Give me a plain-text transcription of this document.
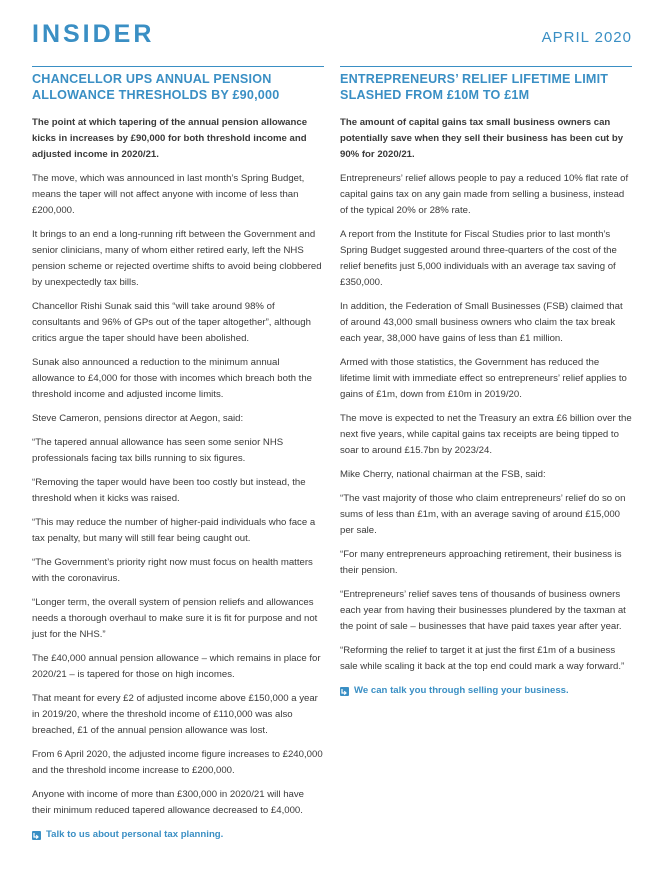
INSIDER	APRIL 2020
CHANCELLOR UPS ANNUAL PENSION ALLOWANCE THRESHOLDS BY £90,000

The point at which tapering of the annual pension allowance kicks in increases by £90,000 for both threshold income and adjusted income in 2020/21.

The move, which was announced in last month’s Spring Budget, means the taper will not affect anyone with income of less than £200,000.

It brings to an end a long-running rift between the Government and senior clinicians, many of whom either retired early, left the NHS pension scheme or rejected overtime shifts to avoid being clobbered by unexpectedly tax bills.

Chancellor Rishi Sunak said this “will take around 98% of consultants and 96% of GPs out of the taper altogether”, although critics argue the taper should have been abolished.

Sunak also announced a reduction to the minimum annual allowance to £4,000 for those with incomes which breach both the threshold income and adjusted income limits.

Steve Cameron, pensions director at Aegon, said:

“The tapered annual allowance has seen some senior NHS professionals facing tax bills running to six figures.

“Removing the taper would have been too costly but instead, the threshold when it kicks was raised.

“This may reduce the number of higher-paid individuals who face a tax penalty, but many will still fear being caught out.

“The Government’s priority right now must focus on health matters with the coronavirus.

“Longer term, the overall system of pension reliefs and allowances needs a thorough overhaul to make sure it is fit for purpose and not just for the NHS.”

The £40,000 annual pension allowance – which remains in place for 2020/21 – is tapered for those on high incomes.

That meant for every £2 of adjusted income above £150,000 a year in 2019/20, where the threshold income of £110,000 was also breached, £1 of the annual pension allowance was lost.

From 6 April 2020, the adjusted income figure increases to £240,000 and the threshold income increase to £200,000.

Anyone with income of more than £300,000 in 2020/21 will have their minimum reduced tapered allowance decreased to £4,000.

Talk to us about personal tax planning.
ENTREPRENEURS’ RELIEF LIFETIME LIMIT SLASHED FROM £10M TO £1M

The amount of capital gains tax small business owners can potentially save when they sell their business has been cut by 90% for 2020/21.

Entrepreneurs’ relief allows people to pay a reduced 10% flat rate of capital gains tax on any gain made from selling a business, instead of the typical 20% or 28% rate.

A report from the Institute for Fiscal Studies prior to last month’s Spring Budget suggested around three-quarters of the cost of the relief benefits just 5,000 individuals with an average tax saving of £350,000.

In addition, the Federation of Small Businesses (FSB) claimed that of around 43,000 small business owners who claim the tax break each year, 38,000 have gains of less than £1 million.

Armed with those statistics, the Government has reduced the lifetime limit with immediate effect so entrepreneurs’ relief applies to gains of £1m, down from £10m in 2019/20.

The move is expected to net the Treasury an extra £6 billion over the next five years, while capital gains tax receipts are being tipped to soar to around £15.7bn by 2023/24.

Mike Cherry, national chairman at the FSB, said:

“The vast majority of those who claim entrepreneurs’ relief do so on sums of less than £1m, with an average saving of around £15,000 per sale.

“For many entrepreneurs approaching retirement, their business is their pension.

“Entrepreneurs’ relief saves tens of thousands of business owners each year from having their businesses plundered by the taxman at the point of sale – businesses that have paid taxes year after year.

“Reforming the relief to target it at just the first £1m of a business sale while scaling it back at the top end could mark a way forward.”

We can talk you through selling your business.
